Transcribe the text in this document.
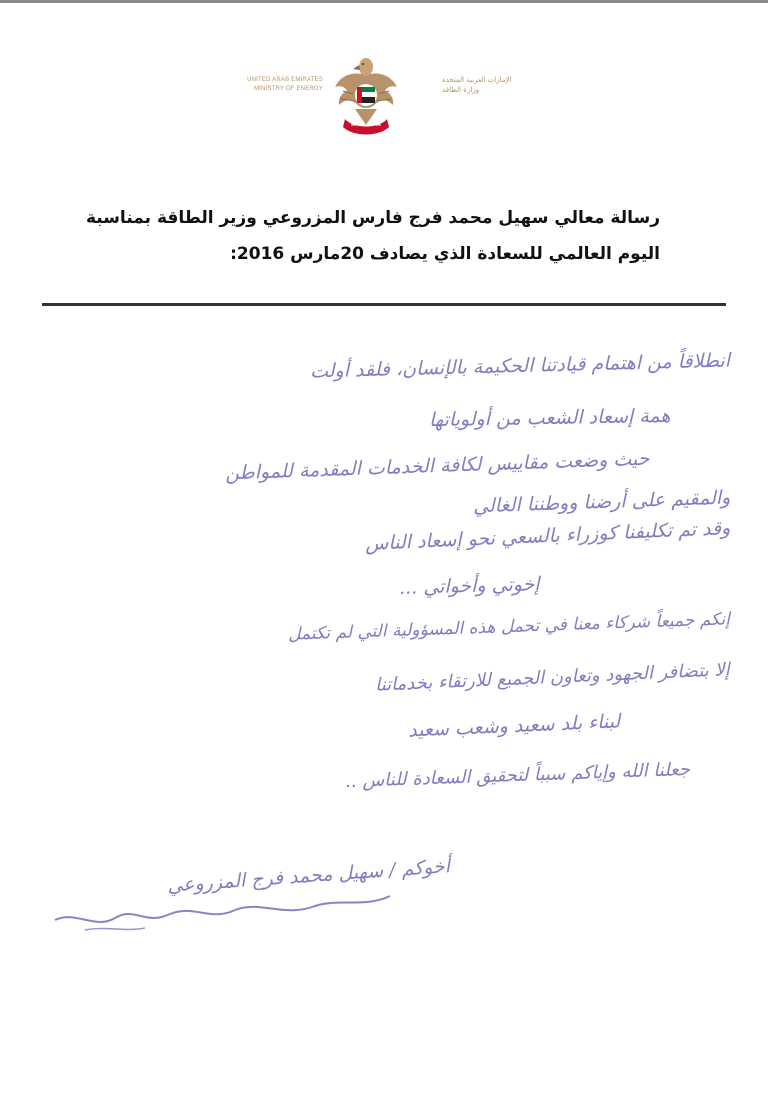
UNITED ARAB EMIRATES
MINISTRY OF ENERGY
الإمارات العربية المتحدة
وزارة الطاقة
رسالة معالي سهيل محمد فرج فارس المزروعي وزير الطاقة بمناسبة
اليوم العالمي للسعادة الذي يصادف 20مارس 2016:
انطلاقاً من اهتمام قيادتنا الحكيمة بالإنسان، فلقد أولت
همة إسعاد الشعب من أولوياتها
حيث وضعت مقاييس لكافة الخدمات المقدمة للمواطن
والمقيم على أرضنا ووطننا الغالي
وقد تم تكليفنا كوزراء بالسعي نحو إسعاد الناس
إخوتي وأخواتي ...
إنكم جميعاً شركاء معنا في تحمل هذه المسؤولية التي لم تكتمل
إلا بتضافر الجهود وتعاون الجميع للارتقاء بخدماتنا
لبناء بلد سعيد وشعب سعيد
جعلنا الله وإياكم سبباً لتحقيق السعادة للناس ..
أخوكم / سهيل محمد فرج المزروعي
